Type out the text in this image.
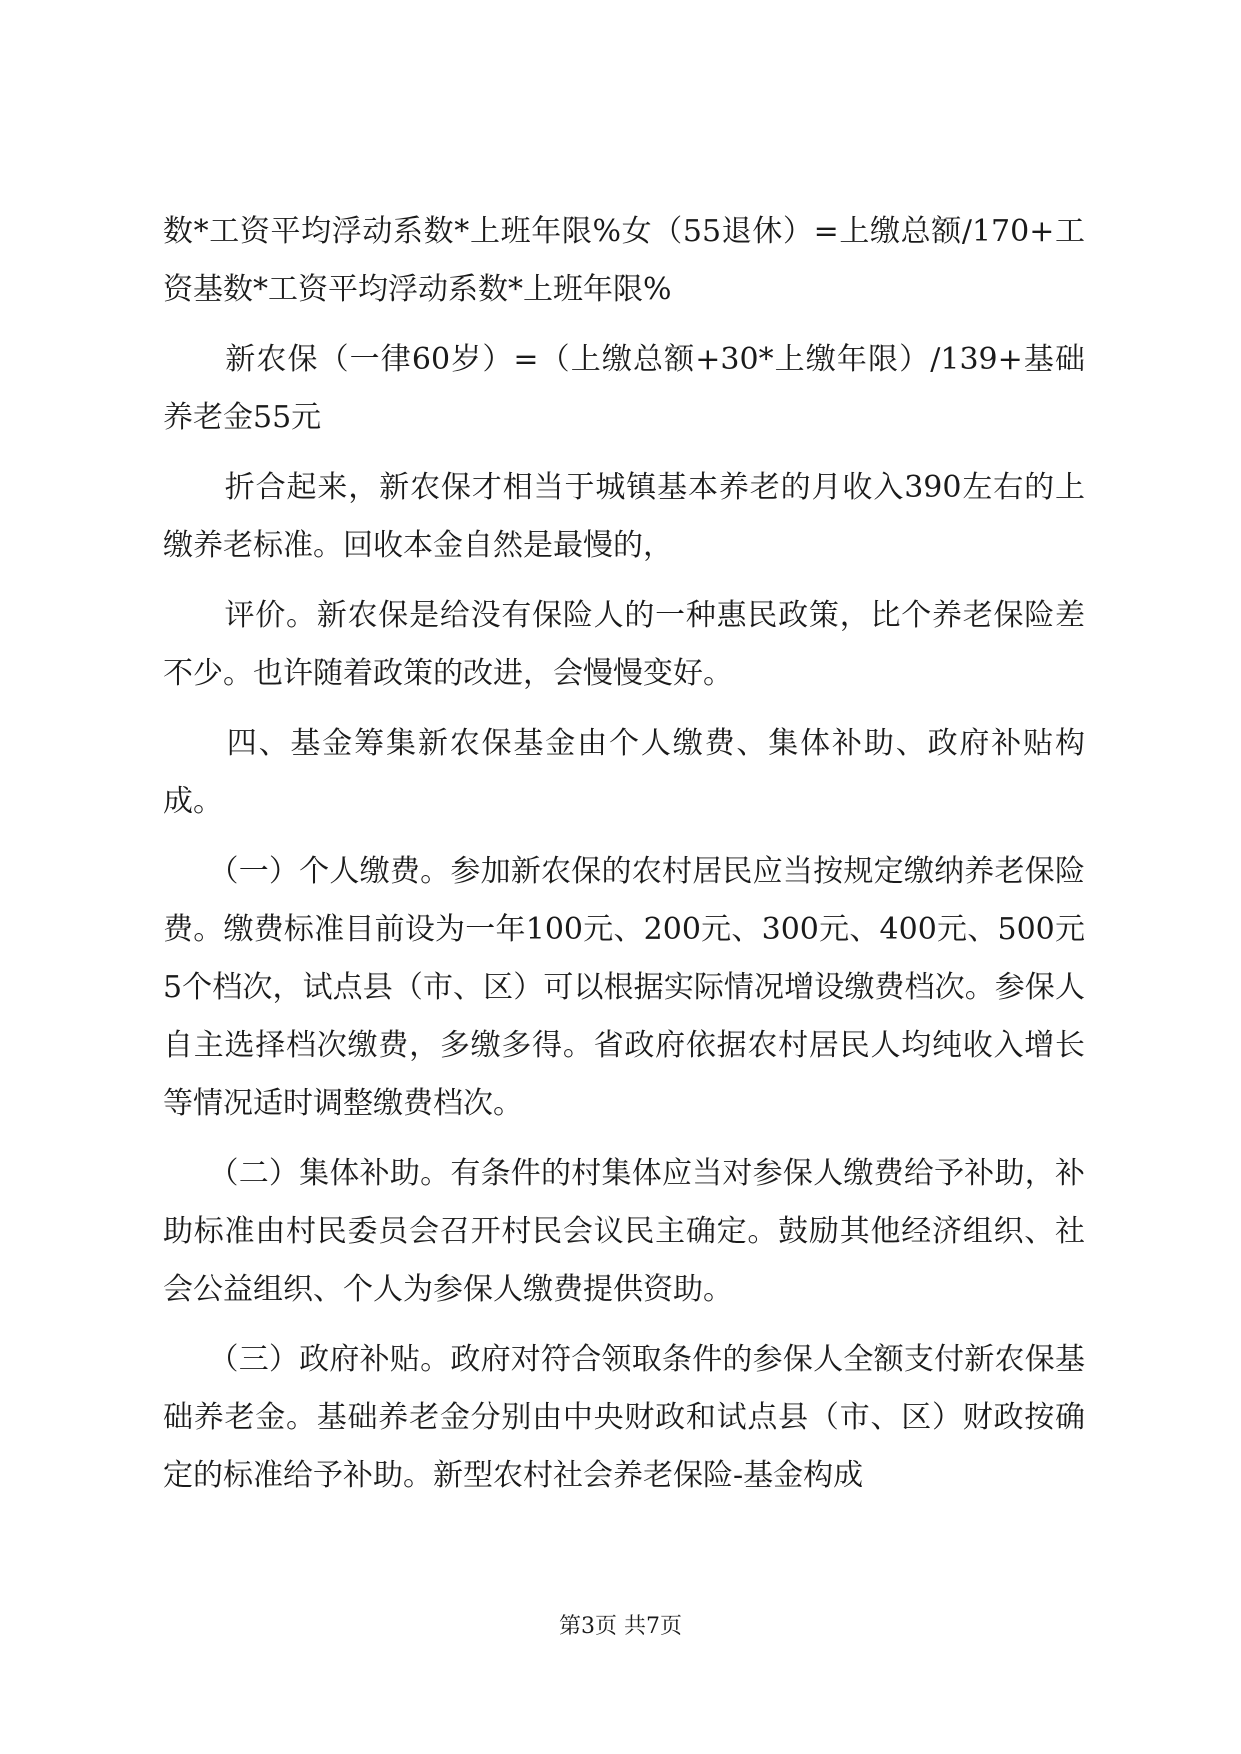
数*工资平均浮动系数*上班年限%女（55退休）=上缴总额/170+工资基数*工资平均浮动系数*上班年限%

　　新农保（一律60岁）=（上缴总额+30*上缴年限）/139+基础养老金55元

　　折合起来，新农保才相当于城镇基本养老的月收入390左右的上缴养老标准。回收本金自然是最慢的，

　　评价。新农保是给没有保险人的一种惠民政策，比个养老保险差不少。也许随着政策的改进，会慢慢变好。

　　四、基金筹集新农保基金由个人缴费、集体补助、政府补贴构成。

　　（一）个人缴费。参加新农保的农村居民应当按规定缴纳养老保险费。缴费标准目前设为一年100元、200元、300元、400元、500元5个档次，试点县（市、区）可以根据实际情况增设缴费档次。参保人自主选择档次缴费，多缴多得。省政府依据农村居民人均纯收入增长等情况适时调整缴费档次。

　　（二）集体补助。有条件的村集体应当对参保人缴费给予补助，补助标准由村民委员会召开村民会议民主确定。鼓励其他经济组织、社会公益组织、个人为参保人缴费提供资助。

　　（三）政府补贴。政府对符合领取条件的参保人全额支付新农保基础养老金。基础养老金分别由中央财政和试点县（市、区）财政按确定的标准给予补助。新型农村社会养老保险-基金构成

第3页 共7页
